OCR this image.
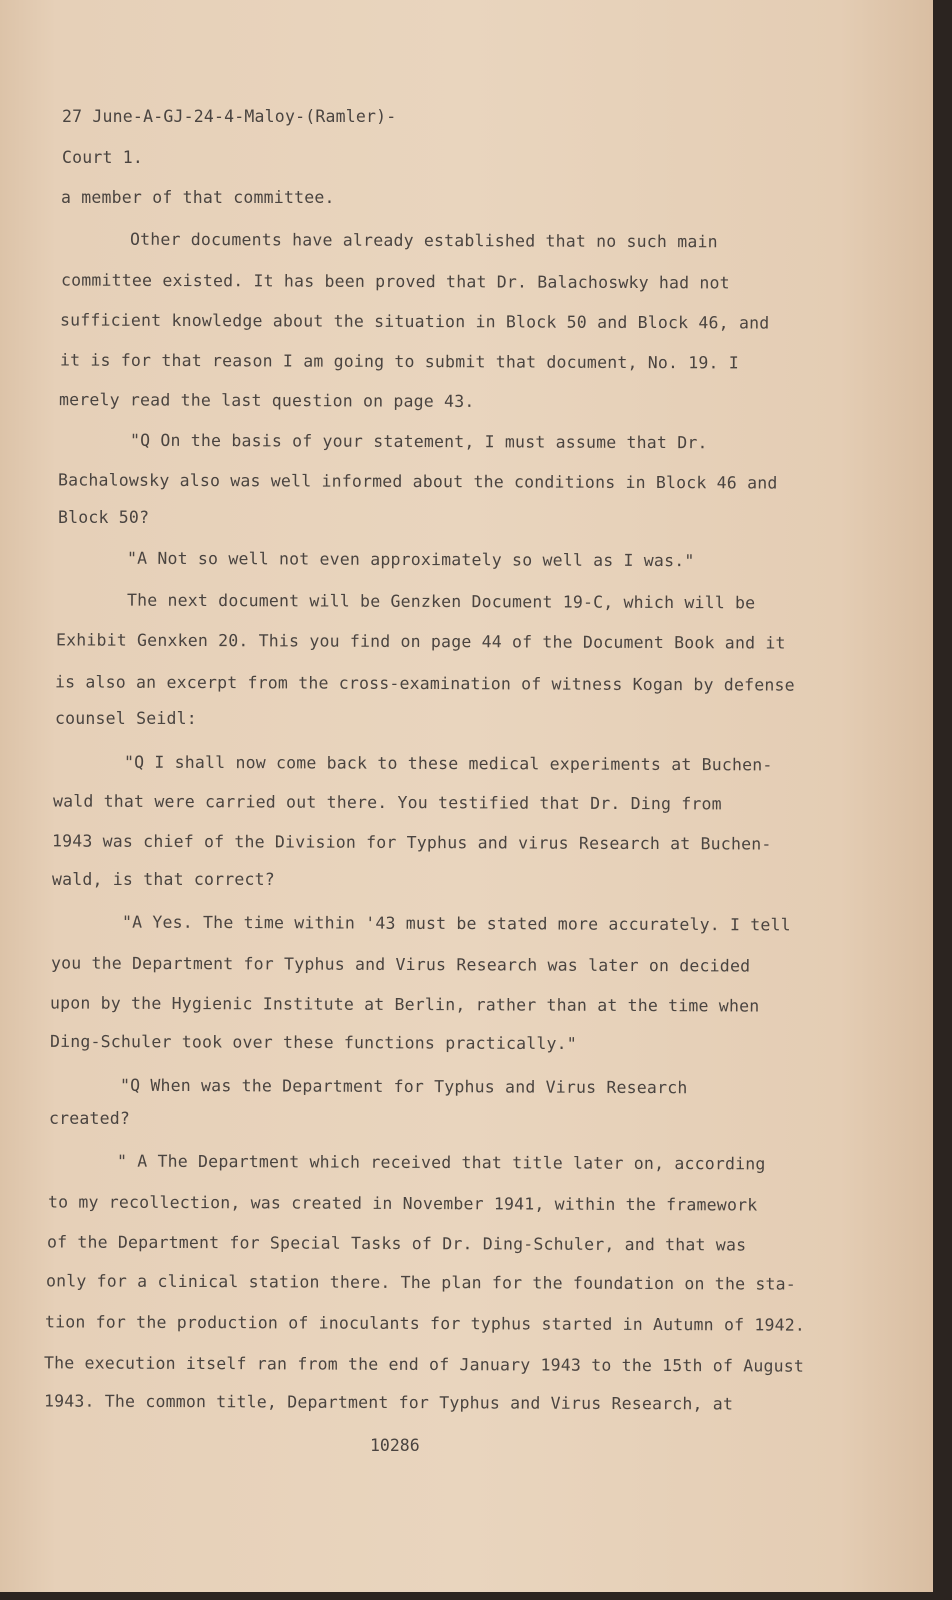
27 June-A-GJ-24-4-Maloy-(Ramler)-

Court 1.

a member of that committee.

Other documents have already established that no such main

committee existed. It has been proved that Dr. Balachoswky had not

sufficient knowledge about the situation in Block 50 and Block 46, and

it is for that reason I am going to submit that document, No. 19. I

merely read the last question on page 43.

"Q On the basis of your statement, I must assume that Dr.

Bachalowsky also was well informed about the conditions in Block 46 and

Block 50?

"A Not so well not even approximately so well as I was."

The next document will be Genzken Document 19-C, which will be

Exhibit Genxken 20. This you find on page 44 of the Document Book and it

is also an excerpt from the cross-examination of witness Kogan by defense

counsel Seidl:

"Q I shall now come back to these medical experiments at Buchen-

wald that were carried out there. You testified that Dr. Ding from

1943 was chief of the Division for Typhus and virus Research at Buchen-

wald, is that correct?

"A Yes. The time within '43 must be stated more accurately. I tell

you the Department for Typhus and Virus Research was later on decided

upon by the Hygienic Institute at Berlin, rather than at the time when

Ding-Schuler took over these functions practically."

"Q When was the Department for Typhus and Virus Research

created?

" A The Department which received that title later on, according

to my recollection, was created in November 1941, within the framework

of the Department for Special Tasks of Dr. Ding-Schuler, and that was

only for a clinical station there. The plan for the foundation on the sta-

tion for the production of inoculants for typhus started in Autumn of 1942.

The execution itself ran from the end of January 1943 to the 15th of August

1943. The common title, Department for Typhus and Virus Research, at

10286
